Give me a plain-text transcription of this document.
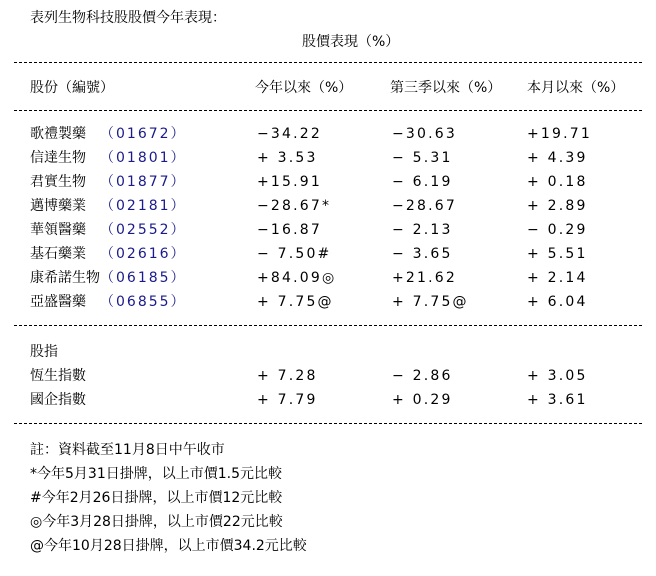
表列生物科技股股價今年表現：
股價表現（%）
股份（編號）	今年以來（%）	第三季以來（%） 本月以來（%）
歌禮製藥 （01672）	−34.22	−30.63	+19.71
信達生物 （01801）	+ 3.53	− 5.31	+ 4.39
君實生物 （01877）	+15.91	− 6.19	+ 0.18
邁博藥業 （02181）	−28.67*	−28.67	+ 2.89
華領醫藥 （02552）	−16.87	− 2.13	− 0.29
基石藥業 （02616）	− 7.50#	− 3.65	+ 5.51
康希諾生物 （06185）	+84.09◎	+21.62	+ 2.14
亞盛醫藥 （06855）	+ 7.75@	+ 7.75@	+ 6.04
股指
恆生指數	+ 7.28	− 2.86	+ 3.05
國企指數	+ 7.79	+ 0.29	+ 3.61
註：資料截至11月8日中午收市
*今年5月31日掛牌，以上市價1.5元比較
#今年2月26日掛牌，以上市價12元比較
◎今年3月28日掛牌，以上市價22元比較
@今年10月28日掛牌，以上市價34.2元比較
